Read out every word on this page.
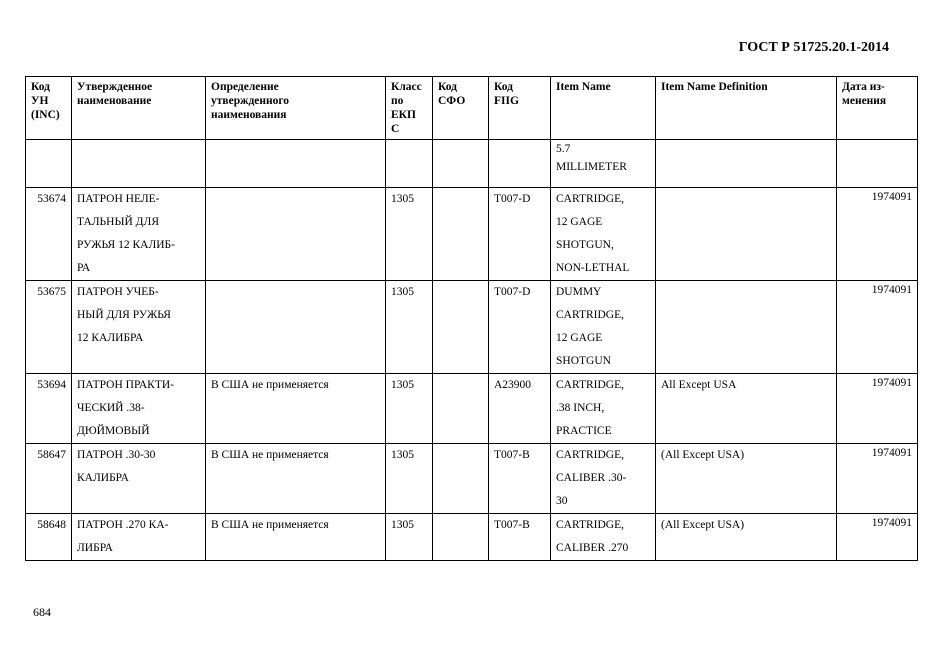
ГОСТ Р 51725.20.1-2014
Код
УН
(INC)	Утвержденное
наименование	Определение
утвержденного
наименования	Класс
по
ЕКП
С	Код
СФО	Код
FIIG	Item Name	Item Name Definition	Дата из-
менения

						5.7
MILLIMETER		

53674	ПАТРОН НЕЛЕ-
ТАЛЬНЫЙ ДЛЯ
РУЖЬЯ 12 КАЛИБ-
РА		1305		T007-D	CARTRIDGE,
12 GAGE
SHOTGUN,
NON-LETHAL		1974091
53675	ПАТРОН УЧЕБ-
НЫЙ ДЛЯ РУЖЬЯ
12 КАЛИБРА		1305		T007-D	DUMMY
CARTRIDGE,
12 GAGE
SHOTGUN		1974091
53694	ПАТРОН ПРАКТИ-
ЧЕСКИЙ .38-
ДЮЙМОВЫЙ	В США не применяется	1305		A23900	CARTRIDGE,
.38 INCH,
PRACTICE	All Except USA	1974091
58647	ПАТРОН .30-30
КАЛИБРА	В США не применяется	1305		T007-B	CARTRIDGE,
CALIBER .30-
30	(All Except USA)	1974091
58648	ПАТРОН .270 КА-
ЛИБРА	В США не применяется	1305		T007-B	CARTRIDGE,
CALIBER .270	(All Except USA)	1974091
684
